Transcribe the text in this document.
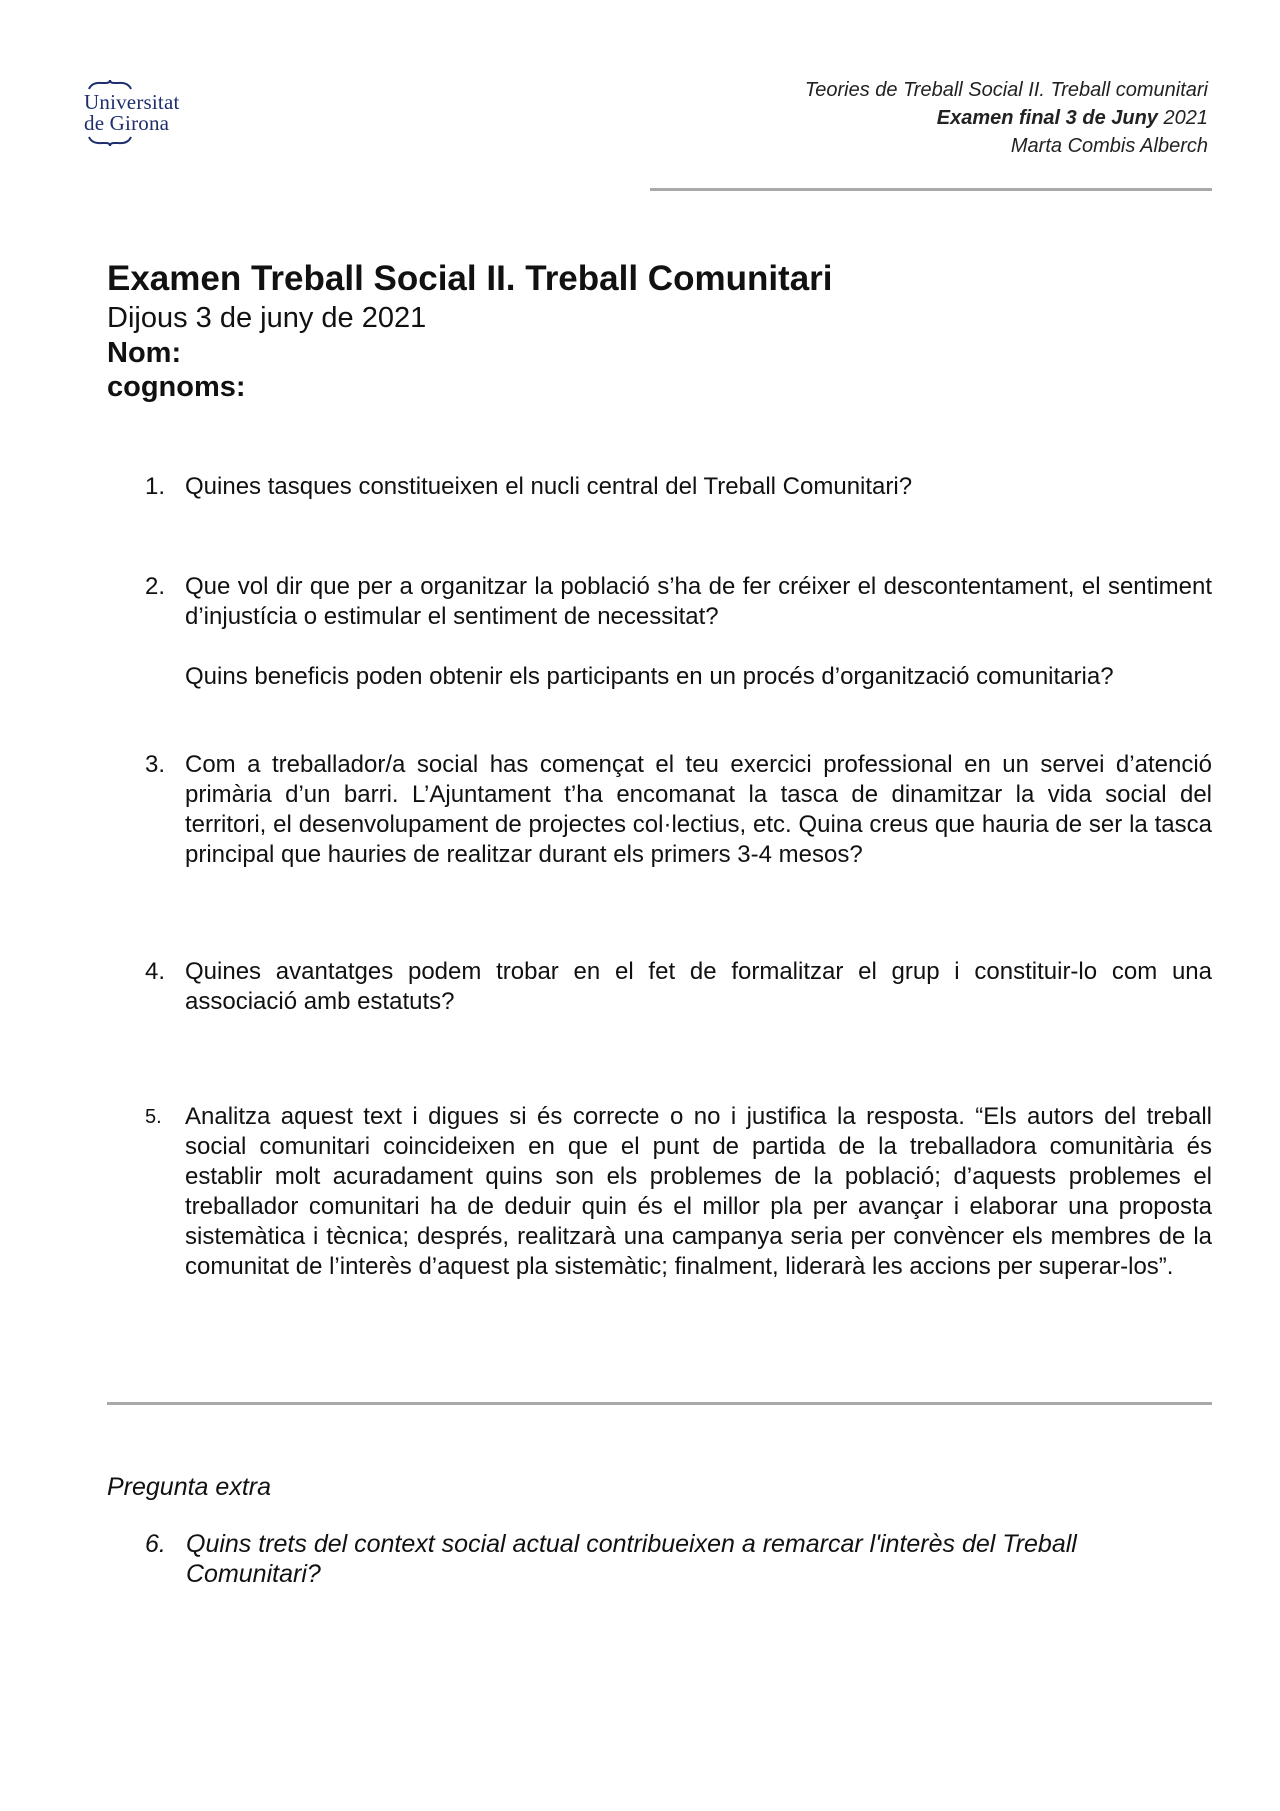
Universitat
de Girona
Teories de Treball Social II. Treball comunitari
Examen final 3 de Juny 2021
Marta Combis Alberch
Examen Treball Social II. Treball Comunitari
Dijous 3 de juny de 2021
Nom:
cognoms:
1. Quines tasques constitueixen el nucli central del Treball Comunitari?

2. Que vol dir que per a organitzar la població s’ha de fer créixer el descontentament, el sentiment d’injustícia o estimular el sentiment de necessitat?

Quins beneficis poden obtenir els participants en un procés d’organització comunitaria?

3. Com a treballador/a social has començat el teu exercici professional en un servei d’atenció primària d’un barri. L’Ajuntament t’ha encomanat la tasca de dinamitzar la vida social del territori, el desenvolupament de projectes col·lectius, etc. Quina creus que hauria de ser la tasca principal que hauries de realitzar durant els primers 3-4 mesos?

4. Quines avantatges podem trobar en el fet de formalitzar el grup i constituir-lo com una associació amb estatuts?

5. Analitza aquest text i digues si és correcte o no i justifica la resposta. “Els autors del treball social comunitari coincideixen en que el punt de partida de la treballadora comunitària és establir molt acuradament quins son els problemes de la població; d’aquests problemes el treballador comunitari ha de deduir quin és el millor pla per avançar i elaborar una proposta sistemàtica i tècnica; després, realitzarà una campanya seria per convèncer els membres de la comunitat de l’interès d’aquest pla sistemàtic; finalment, liderarà les accions per superar-los”.

Pregunta extra
6. Quins trets del context social actual contribueixen a remarcar l'interès del Treball Comunitari?
